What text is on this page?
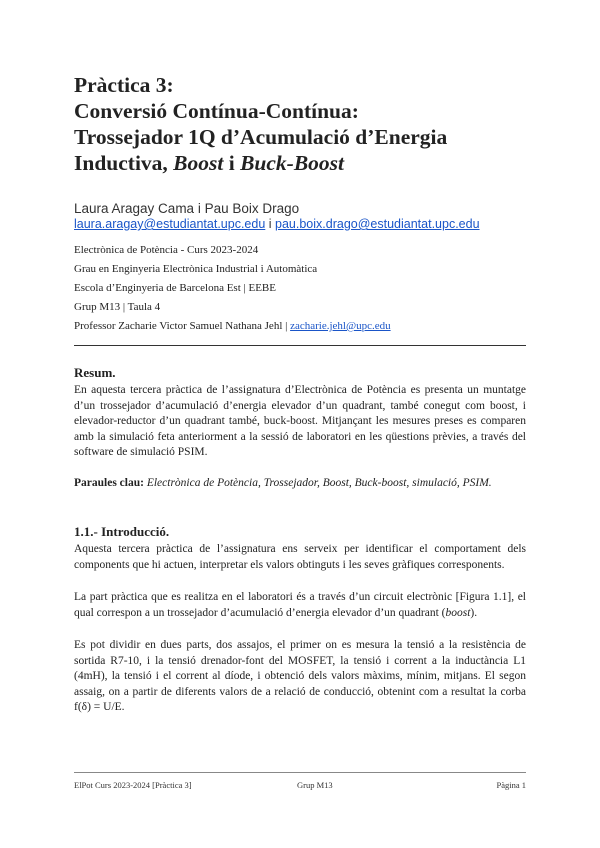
Pràctica 3:
Conversió Contínua-Contínua:
Trossejador 1Q d’Acumulació d’Energia
Inductiva, Boost i Buck-Boost
Laura Aragay Cama i Pau Boix Drago
laura.aragay@estudiantat.upc.edu i pau.boix.drago@estudiantat.upc.edu
Electrònica de Potència - Curs 2023-2024
Grau en Enginyeria Electrònica Industrial i Automàtica
Escola d’Enginyeria de Barcelona Est | EEBE
Grup M13 | Taula 4
Professor Zacharie Victor Samuel Nathana Jehl | zacharie.jehl@upc.edu
Resum.
En aquesta tercera pràctica de l’assignatura d’Electrònica de Potència es presenta un muntatge d’un trossejador d’acumulació d’energia elevador d’un quadrant, també conegut com boost, i elevador-reductor d’un quadrant també, buck-boost. Mitjançant les mesures preses es comparen amb la simulació feta anteriorment a la sessió de laboratori en les qüestions prèvies, a través del software de simulació PSIM.
Paraules clau: Electrònica de Potència, Trossejador, Boost, Buck-boost, simulació, PSIM.
1.1.- Introducció.
Aquesta tercera pràctica de l’assignatura ens serveix per identificar el comportament dels components que hi actuen, interpretar els valors obtinguts i les seves gràfiques corresponents.
La part pràctica que es realitza en el laboratori és a través d’un circuit electrònic [Figura 1.1], el qual correspon a un trossejador d’acumulació d’energia elevador d’un quadrant (boost).
Es pot dividir en dues parts, dos assajos, el primer on es mesura la tensió a la resistència de sortida R7-10, i la tensió drenador-font del MOSFET, la tensió i corrent a la inductància L1 (4mH), la tensió i el corrent al díode, i obtenció dels valors màxims, mínim, mitjans. El segon assaig, on a partir de diferents valors de a relació de conducció, obtenint com a resultat la corba f(δ) = U/E.
ElPot Curs 2023-2024 [Pràctica 3]	Grup M13	Pàgina 1
